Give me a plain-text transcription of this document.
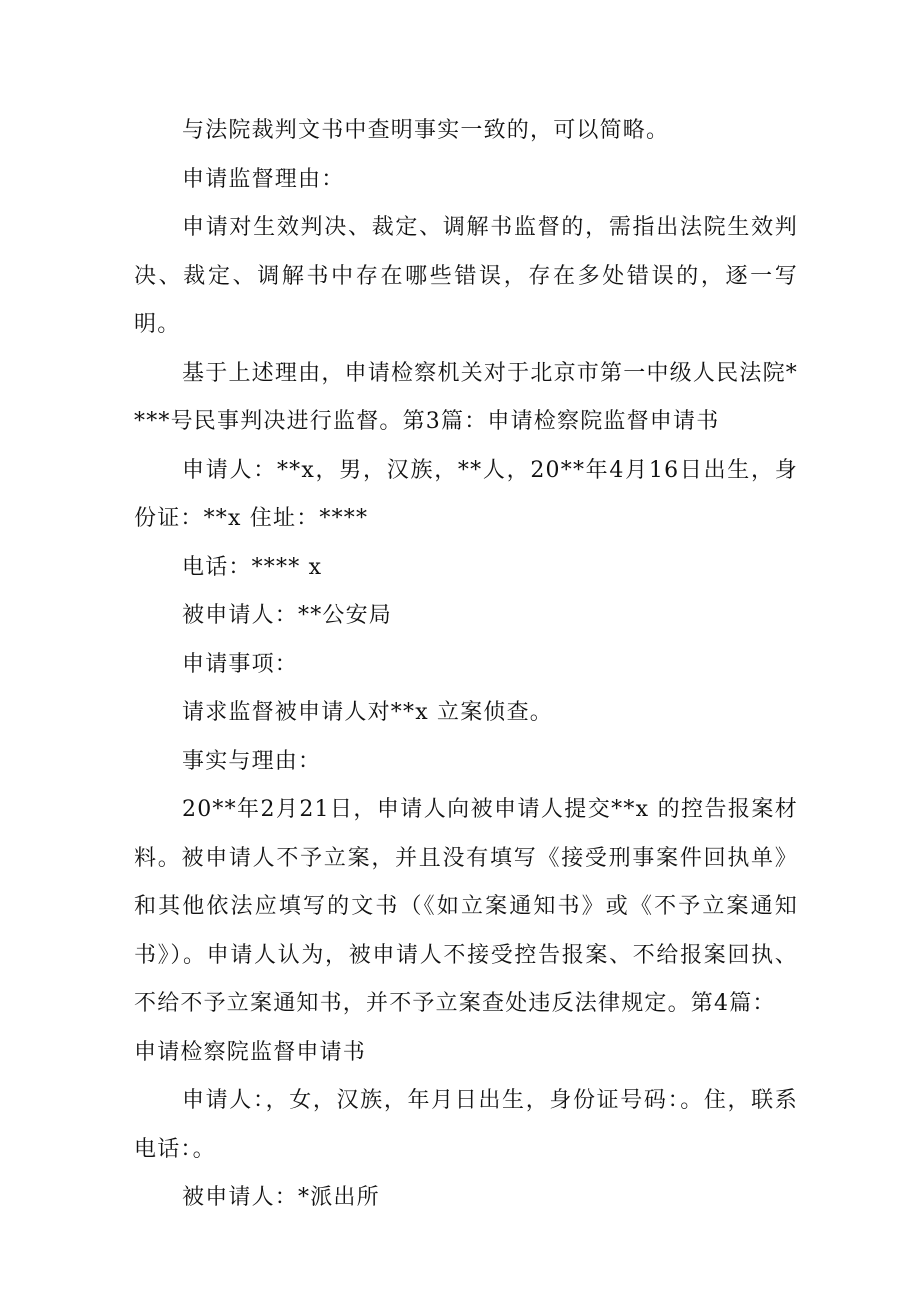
与法院裁判文书中查明事实一致的，可以简略。

申请监督理由：

申请对生效判决、裁定、调解书监督的，需指出法院生效判决、裁定、调解书中存在哪些错误，存在多处错误的，逐一写明。

基于上述理由，申请检察机关对于北京市第一中级人民法院****号民事判决进行监督。第3篇：申请检察院监督申请书

申请人：**x，男，汉族，**人，20**年4月16日出生，身份证：**x 住址：****

电话：**** x

被申请人：**公安局

申请事项：

请求监督被申请人对**x 立案侦查。

事实与理由：

20**年2月21日，申请人向被申请人提交**x 的控告报案材料。被申请人不予立案，并且没有填写《接受刑事案件回执单》和其他依法应填写的文书（《如立案通知书》或《不予立案通知书》）。申请人认为，被申请人不接受控告报案、不给报案回执、不给不予立案通知书，并不予立案查处违反法律规定。第4篇：

申请检察院监督申请书

申请人：，女，汉族，年月日出生，身份证号码：。住，联系电话：。

被申请人：*派出所
